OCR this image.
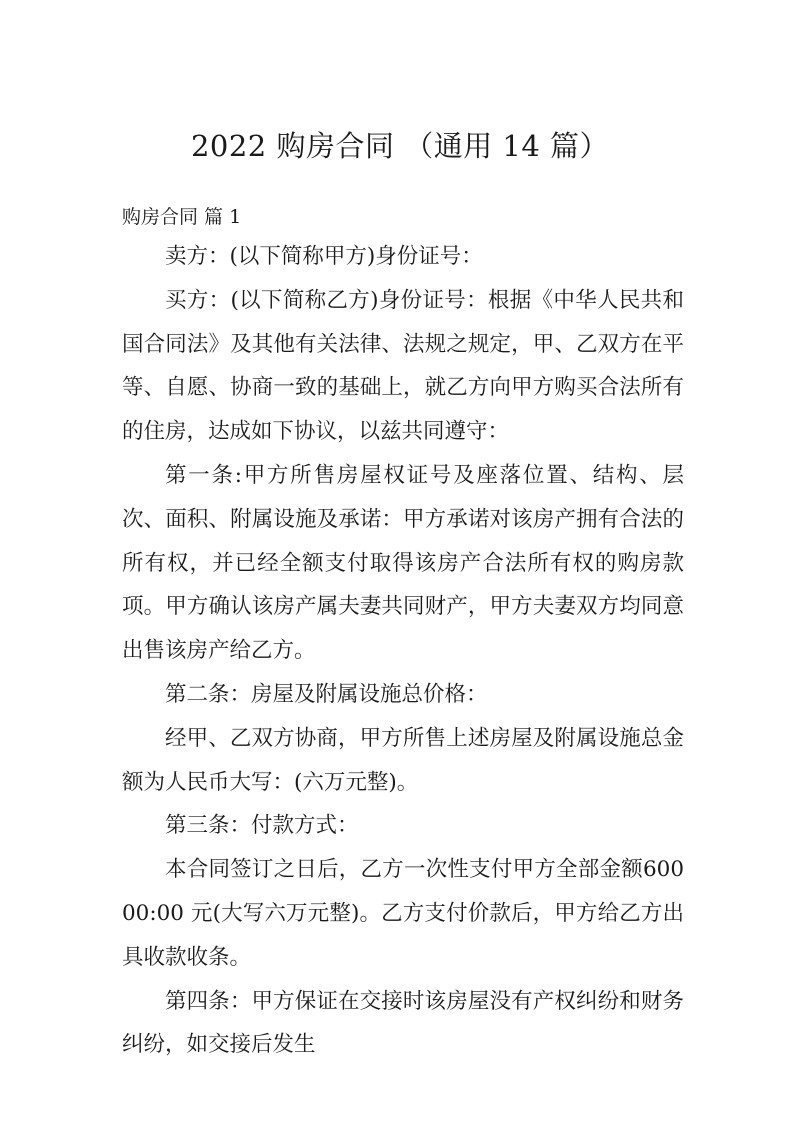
2022 购房合同 （通用 14 篇）
购房合同 篇 1

卖方：(以下简称甲方)身份证号：

买方：(以下简称乙方)身份证号：根据《中华人民共和国合同法》及其他有关法律、法规之规定，甲、乙双方在平等、自愿、协商一致的基础上，就乙方向甲方购买合法所有的住房，达成如下协议，以兹共同遵守：

第一条:甲方所售房屋权证号及座落位置、结构、层次、面积、附属设施及承诺：甲方承诺对该房产拥有合法的所有权，并已经全额支付取得该房产合法所有权的购房款项。甲方确认该房产属夫妻共同财产，甲方夫妻双方均同意出售该房产给乙方。

第二条：房屋及附属设施总价格：

经甲、乙双方协商，甲方所售上述房屋及附属设施总金额为人民币大写：(六万元整)。

第三条：付款方式：

本合同签订之日后，乙方一次性支付甲方全部金额60000:00 元(大写六万元整)。乙方支付价款后，甲方给乙方出具收款收条。

第四条：甲方保证在交接时该房屋没有产权纠纷和财务纠纷，如交接后发生
